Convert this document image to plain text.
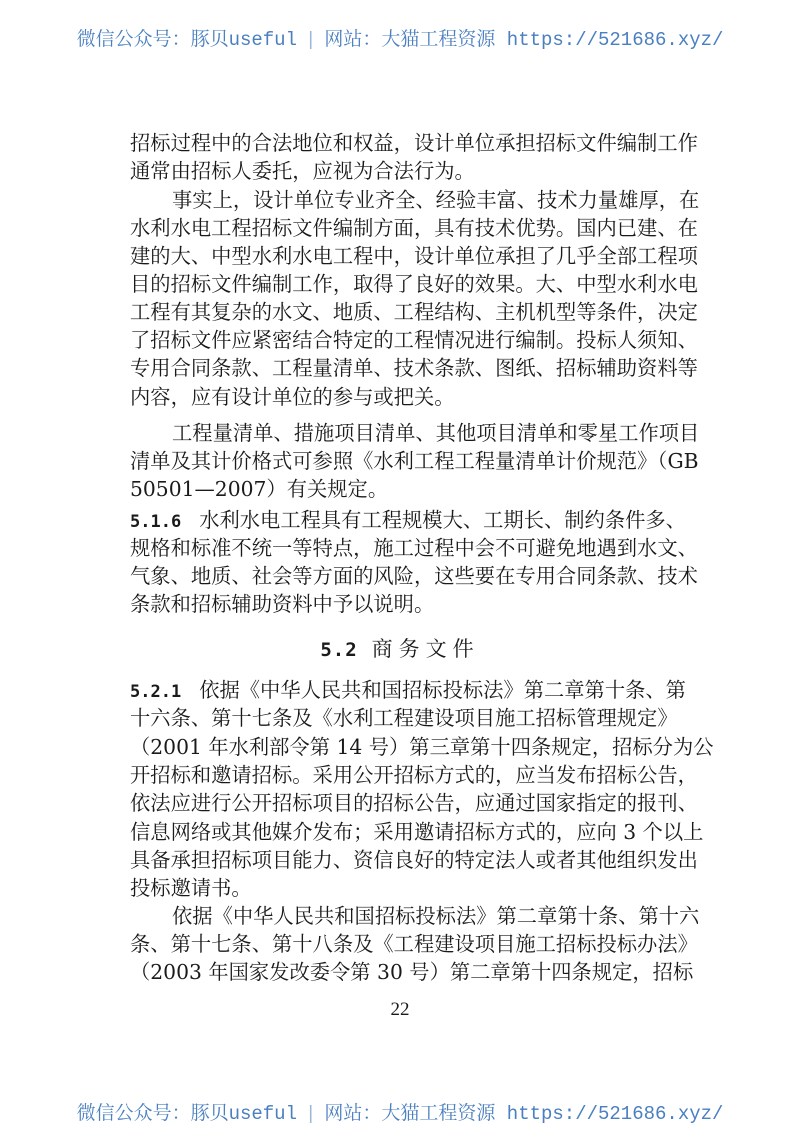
微信公众号：豚贝useful | 网站：大猫工程资源 https://521686.xyz/
招标过程中的合法地位和权益，设计单位承担招标文件编制工作
通常由招标人委托，应视为合法行为。
事实上，设计单位专业齐全、经验丰富、技术力量雄厚，在
水利水电工程招标文件编制方面，具有技术优势。国内已建、在
建的大、中型水利水电工程中，设计单位承担了几乎全部工程项
目的招标文件编制工作，取得了良好的效果。大、中型水利水电
工程有其复杂的水文、地质、工程结构、主机机型等条件，决定
了招标文件应紧密结合特定的工程情况进行编制。投标人须知、
专用合同条款、工程量清单、技术条款、图纸、招标辅助资料等
内容，应有设计单位的参与或把关。
工程量清单、措施项目清单、其他项目清单和零星工作项目
清单及其计价格式可参照《水利工程工程量清单计价规范》（GB
50501—2007）有关规定。
5.1.6 水利水电工程具有工程规模大、工期长、制约条件多、
规格和标准不统一等特点，施工过程中会不可避免地遇到水文、
气象、地质、社会等方面的风险，这些要在专用合同条款、技术
条款和招标辅助资料中予以说明。
5.2 商务文件
5.2.1 依据《中华人民共和国招标投标法》第二章第十条、第
十六条、第十七条及《水利工程建设项目施工招标管理规定》
（2001 年水利部令第 14 号）第三章第十四条规定，招标分为公
开招标和邀请招标。采用公开招标方式的，应当发布招标公告，
依法应进行公开招标项目的招标公告，应通过国家指定的报刊、
信息网络或其他媒介发布；采用邀请招标方式的，应向 3 个以上
具备承担招标项目能力、资信良好的特定法人或者其他组织发出
投标邀请书。
依据《中华人民共和国招标投标法》第二章第十条、第十六
条、第十七条、第十八条及《工程建设项目施工招标投标办法》
（2003 年国家发改委令第 30 号）第二章第十四条规定，招标
22
微信公众号：豚贝useful | 网站：大猫工程资源 https://521686.xyz/
